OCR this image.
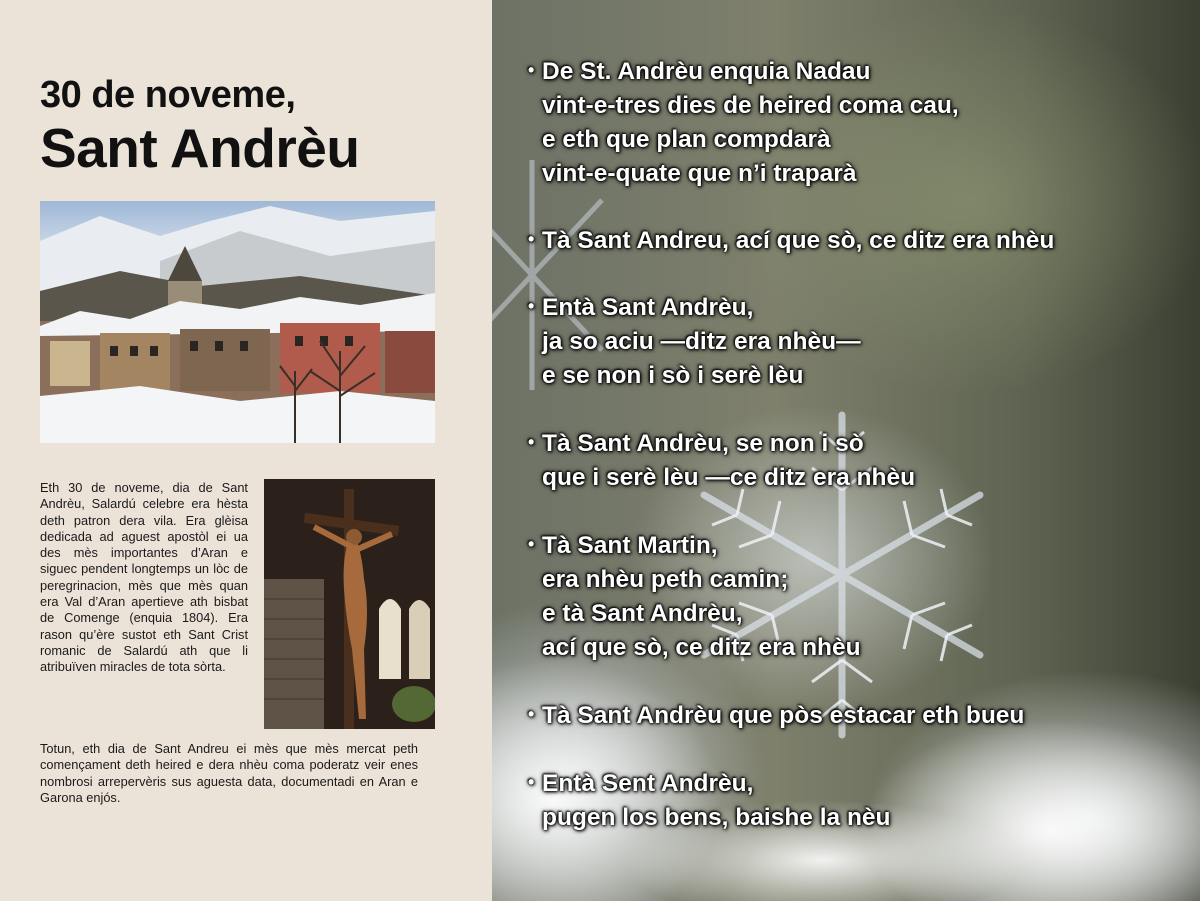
30 de noveme,
Sant Andrèu
Eth 30 de noveme, dia de Sant Andrèu, Salardú celebre era hèsta deth patron dera vila. Era glèisa dedicada ad aguest apostòl ei ua des mès importantes d’Aran e siguec pendent longtemps un lòc de peregrinacion, mès que mès quan era Val d’Aran apertieve ath bisbat de Comenge (enquia 1804). Era rason qu’ère sustot eth Sant Crist romanic de Salardú ath que li atribuïven miracles de tota sòrta.
Totun, eth dia de Sant Andreu ei mès que mès mercat peth començament deth heired e dera nhèu coma poderatz veir enes nombrosi arrepervèris sus aguesta data, documentadi en Aran e Garona enjós.
• De St. Andrèu enquia Nadau
vint-e-tres dies de heired coma cau,
e eth que plan compdarà
vint-e-quate que n’i traparà
• Tà Sant Andreu, ací que sò, ce ditz era nhèu
• Entà Sant Andrèu,
ja so aciu —ditz era nhèu—
e se non i sò i serè lèu
• Tà Sant Andrèu, se non i sò
que i serè lèu —ce ditz era nhèu
• Tà Sant Martin,
era nhèu peth camin;
e tà Sant Andrèu,
ací que sò, ce ditz era nhèu
• Tà Sant Andrèu que pòs estacar eth bueu
• Entà Sent Andrèu,
pugen los bens, baishe la nèu
